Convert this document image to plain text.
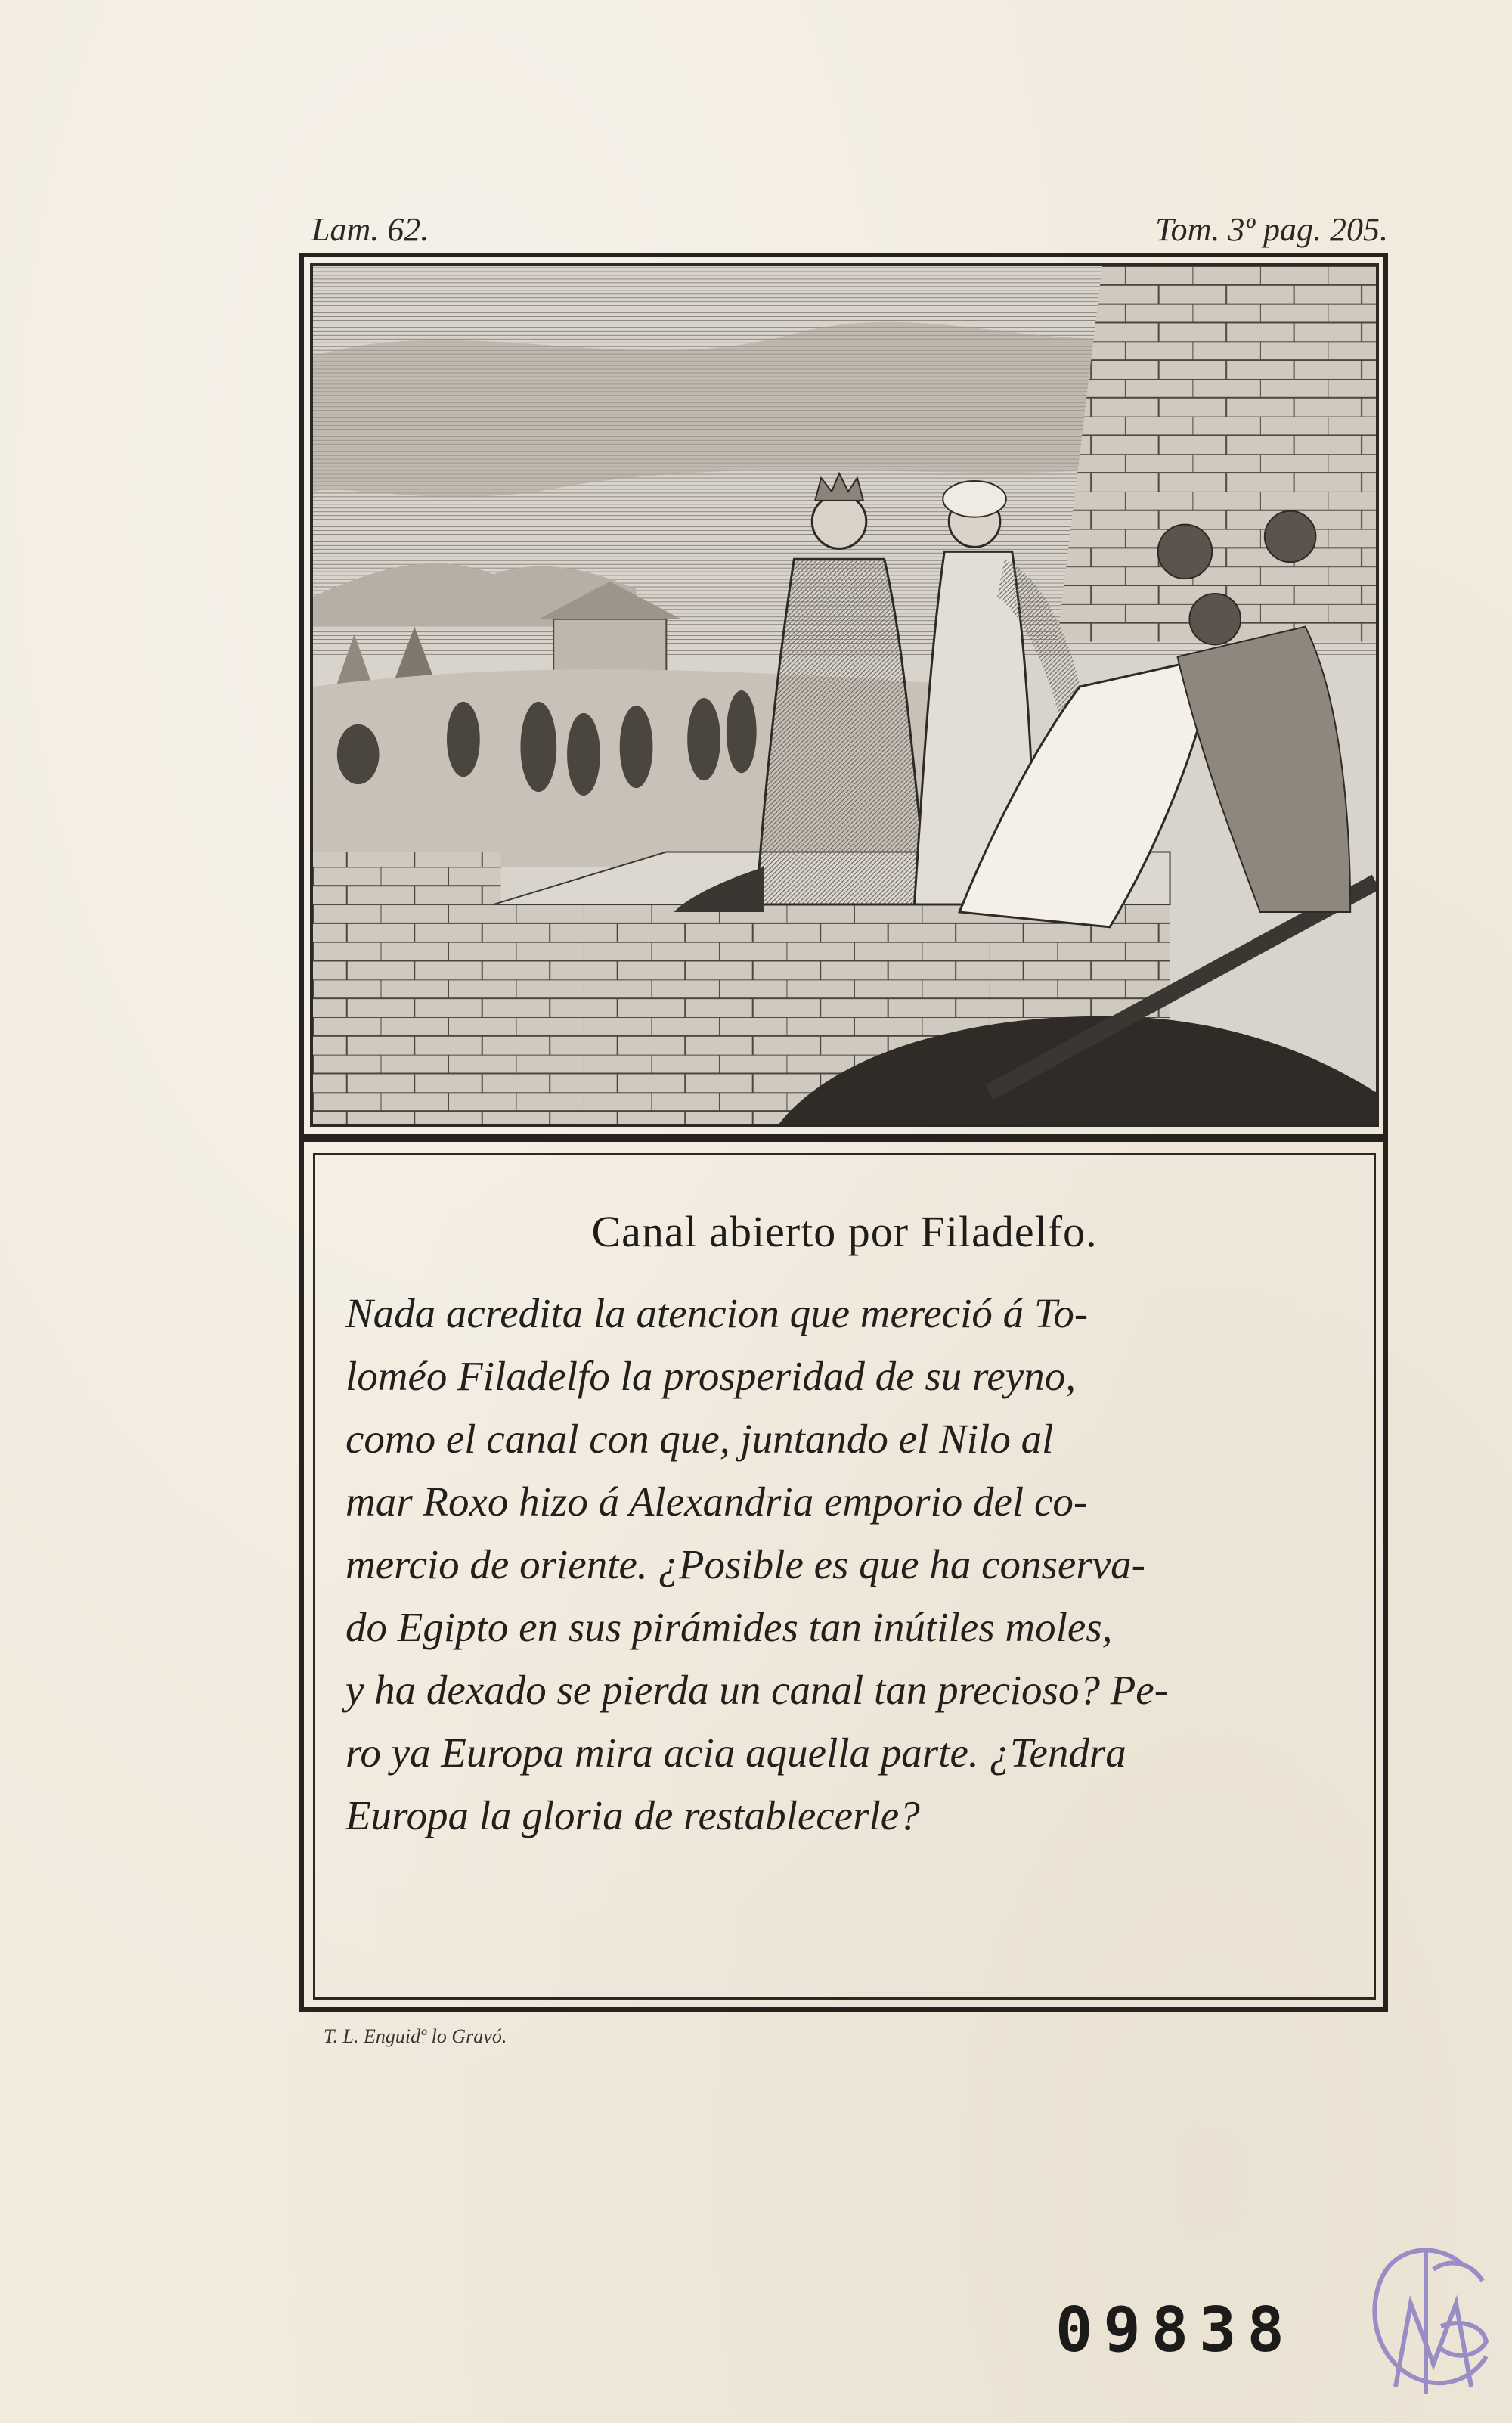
Lam. 62.	Tom. 3º pag. 205.
Canal abierto por Filadelfo.
Nada acredita la atencion que mereció á To-
loméo Filadelfo la prosperidad de su reyno,
como el canal con que, juntando el Nilo al
mar Roxo hizo á Alexandria emporio del co-
mercio de oriente. ¿Posible es que ha conserva-
do Egipto en sus pirámides tan inútiles moles,
y ha dexado se pierda un canal tan precioso? Pe-
ro ya Europa mira acia aquella parte. ¿Tendra
Europa la gloria de restablecerle?
T. L. Enguidº lo Gravó.
09838
